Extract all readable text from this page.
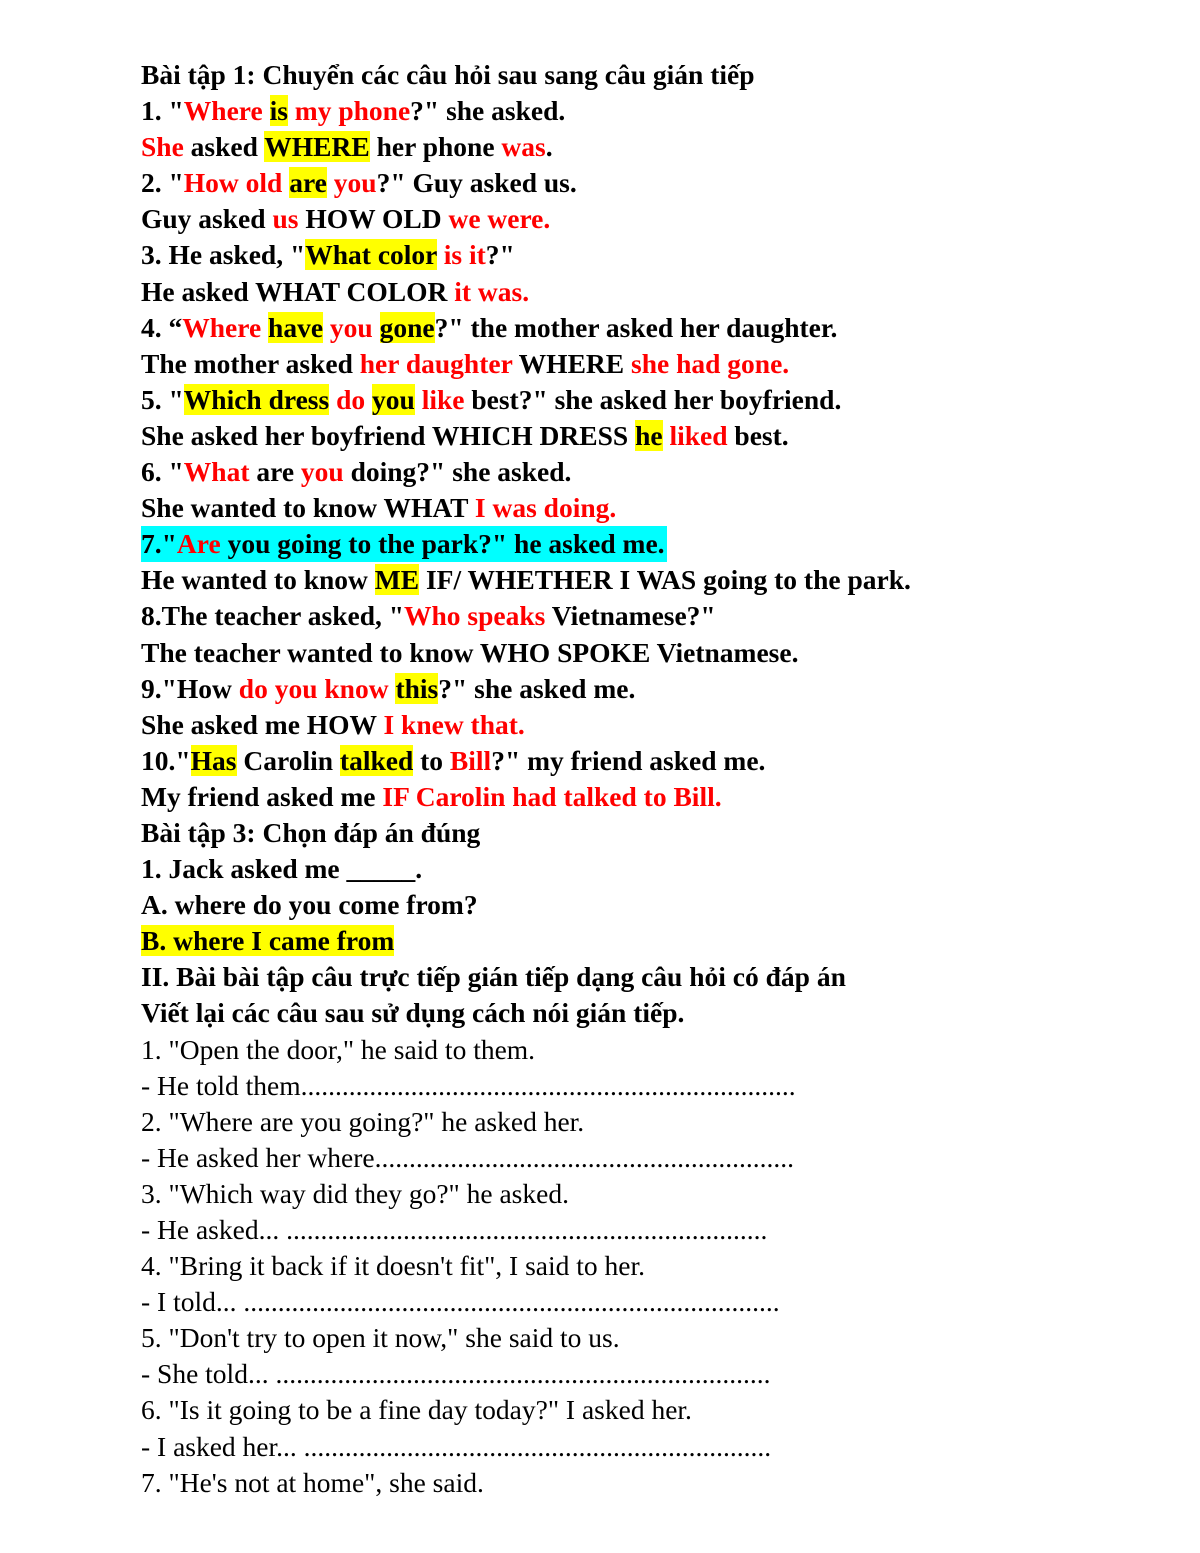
Bài tập 1: Chuyển các câu hỏi sau sang câu gián tiếp
1. "Where is my phone?" she asked.
She asked WHERE her phone was.
2. "How old are you?" Guy asked us.
Guy asked us HOW OLD we were.
3. He asked, "What color is it?"
He asked WHAT COLOR it was.
4. “Where have you gone?" the mother asked her daughter.
The mother asked her daughter WHERE she had gone.
5. "Which dress do you like best?" she asked her boyfriend.
She asked her boyfriend WHICH DRESS he liked best.
6. "What are you doing?" she asked.
She wanted to know WHAT I was doing.
7."Are you going to the park?" he asked me.
He wanted to know ME IF/ WHETHER I WAS going to the park.
8.The teacher asked, "Who speaks Vietnamese?"
The teacher wanted to know WHO SPOKE Vietnamese.
9."How do you know this?" she asked me.
She asked me HOW I knew that.
10."Has Carolin talked to Bill?" my friend asked me.
My friend asked me IF Carolin had talked to Bill.
Bài tập 3: Chọn đáp án đúng
1. Jack asked me _____.
A. where do you come from?
B. where I came from
II. Bài bài tập câu trực tiếp gián tiếp dạng câu hỏi có đáp án
Viết lại các câu sau sử dụng cách nói gián tiếp.
1. "Open the door," he said to them.
- He told them........................................................................
2. "Where are you going?" he asked her.
- He asked her where.............................................................
3. "Which way did they go?" he asked.
- He asked... ......................................................................
4. "Bring it back if it doesn't fit", I said to her.
- I told... ..............................................................................
5. "Don't try to open it now," she said to us.
- She told... ........................................................................
6. "Is it going to be a fine day today?" I asked her.
- I asked her... ....................................................................
7. "He's not at home", she said.
